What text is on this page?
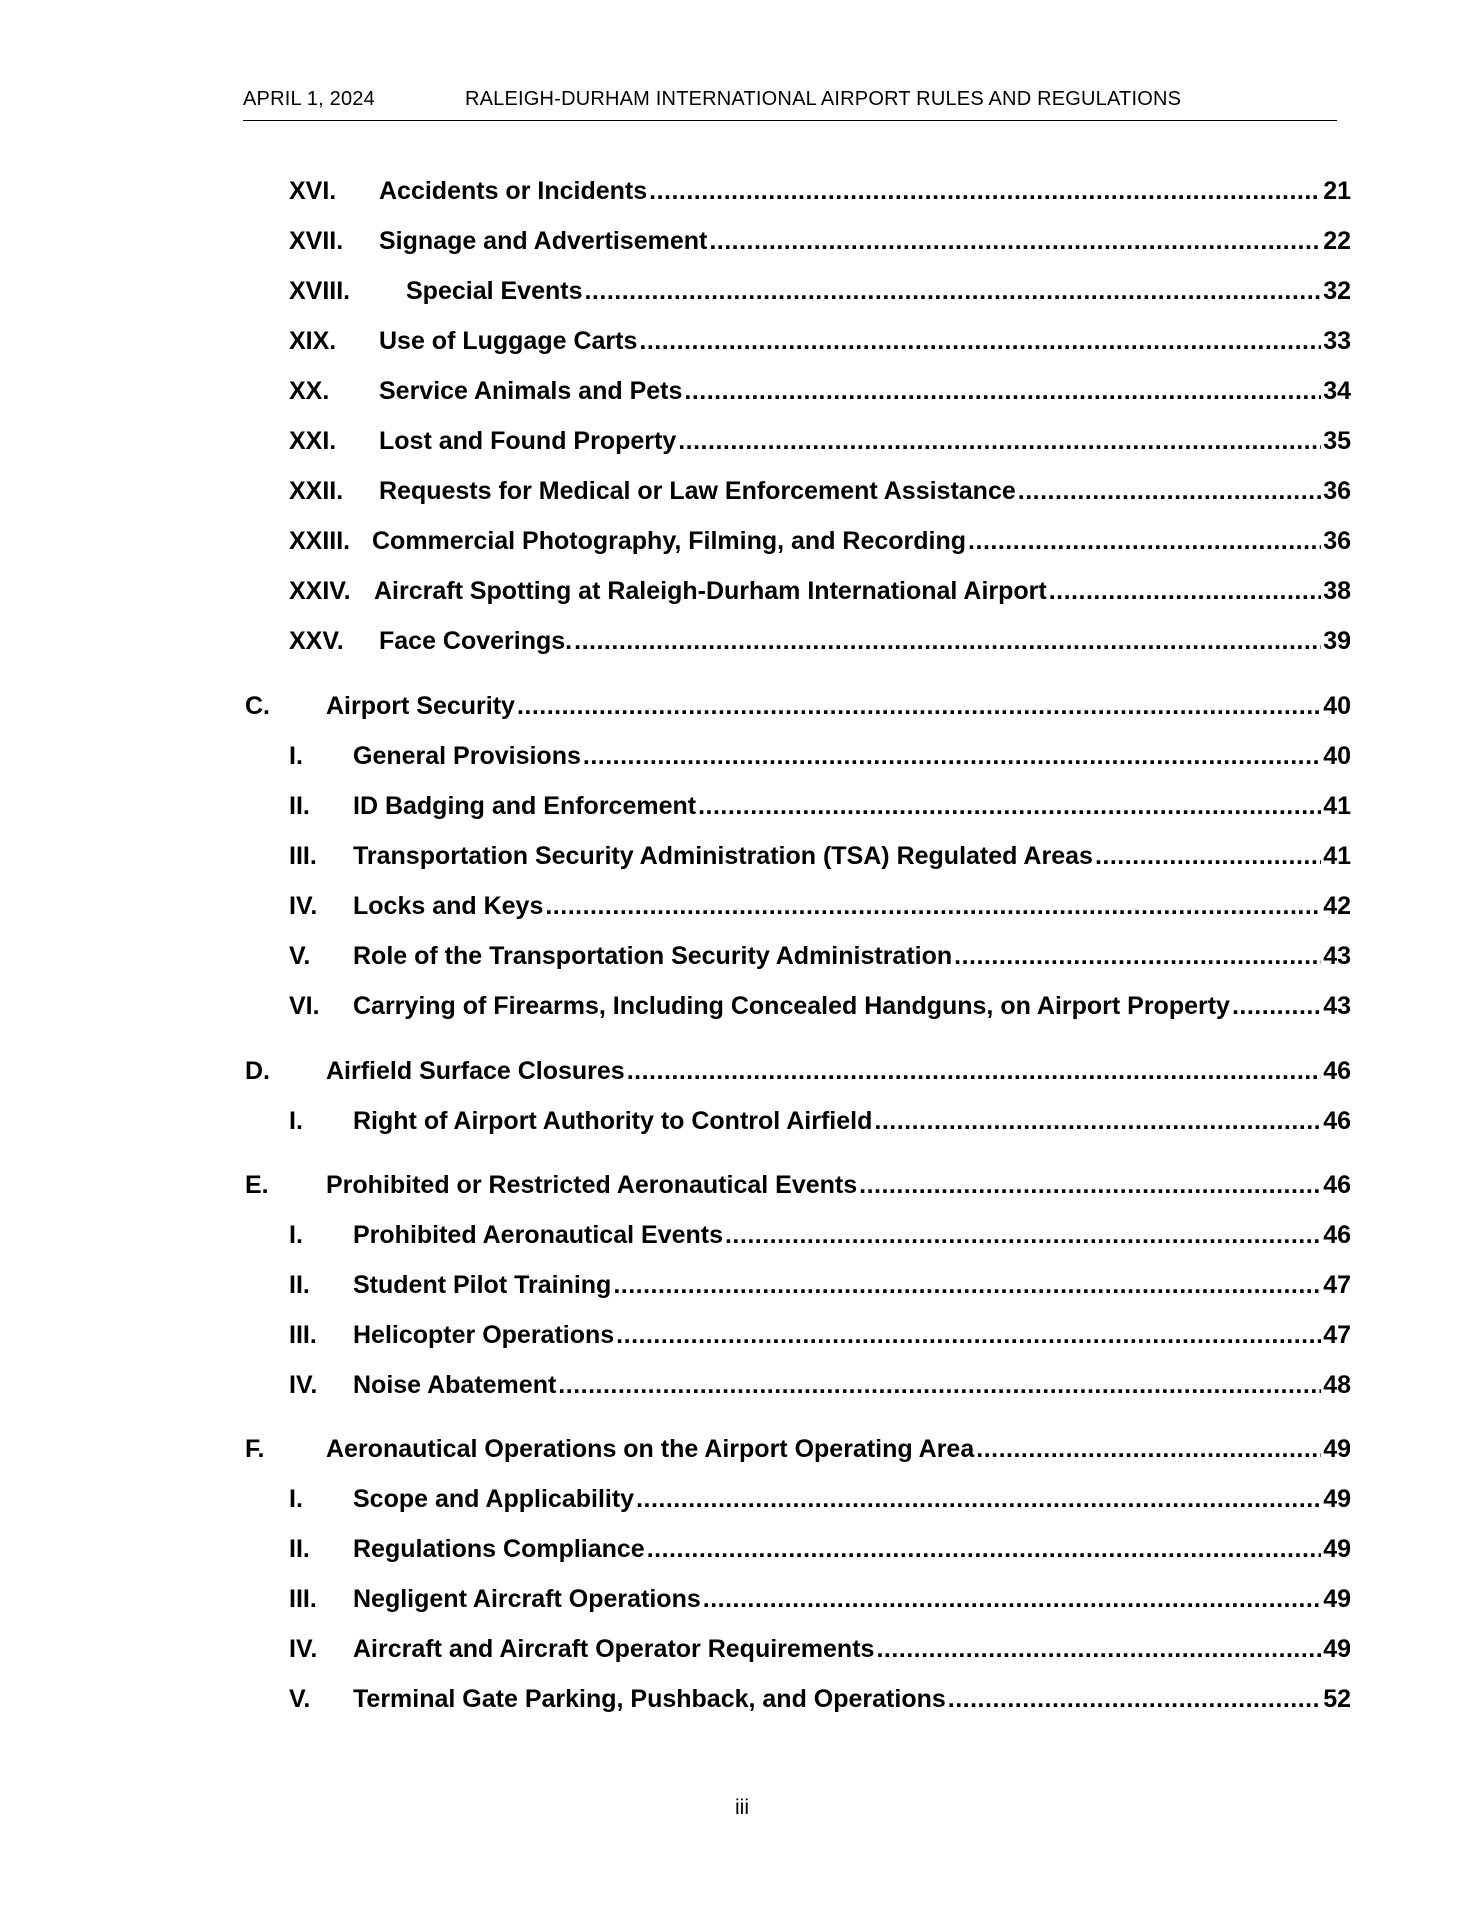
APRIL 1, 2024	RALEIGH-DURHAM INTERNATIONAL AIRPORT RULES AND REGULATIONS
XVI.	Accidents or Incidents .....	21
XVII.	Signage and Advertisement .....	22
XVIII.	Special Events .....	32
XIX.	Use of Luggage Carts .....	33
XX.	Service Animals and Pets .....	34
XXI.	Lost and Found Property .....	35
XXII.	Requests for Medical or Law Enforcement Assistance .....	36
XXIII. Commercial Photography, Filming, and Recording .....	36
XXIV. Aircraft Spotting at Raleigh-Durham International Airport .....	38
XXV.	Face Coverings. .....	39
C.	Airport Security .....	40
I.	General Provisions .....	40
II.	ID Badging and Enforcement .....	41
III.	Transportation Security Administration (TSA) Regulated Areas .....	41
IV.	Locks and Keys .....	42
V.	Role of the Transportation Security Administration .....	43
VI.	Carrying of Firearms, Including Concealed Handguns, on Airport Property .....	43
D.	Airfield Surface Closures .....	46
I.	Right of Airport Authority to Control Airfield .....	46
E.	Prohibited or Restricted Aeronautical Events .....	46
I.	Prohibited Aeronautical Events .....	46
II.	Student Pilot Training .....	47
III.	Helicopter Operations .....	47
IV.	Noise Abatement .....	48
F.	Aeronautical Operations on the Airport Operating Area .....	49
I.	Scope and Applicability .....	49
II.	Regulations Compliance .....	49
III.	Negligent Aircraft Operations .....	49
IV.	Aircraft and Aircraft Operator Requirements .....	49
V.	Terminal Gate Parking, Pushback, and Operations .....	52
iii
